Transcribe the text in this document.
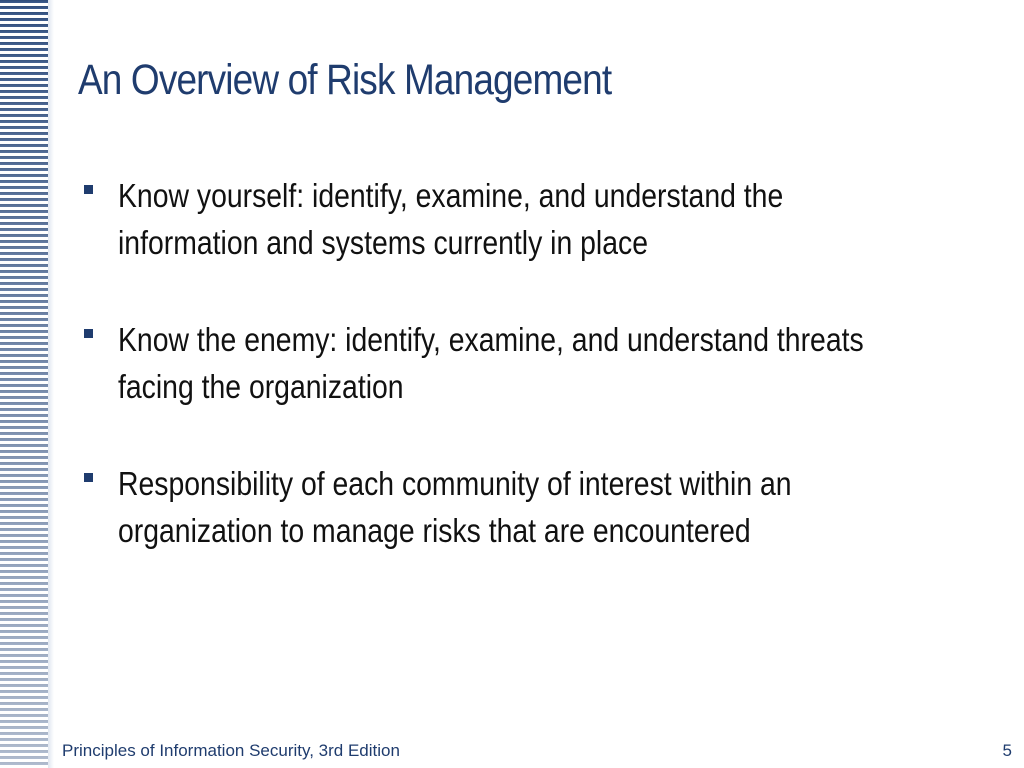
An Overview of Risk Management
Know yourself: identify, examine, and understand the information and systems currently in place
Know the enemy: identify, examine, and understand threats facing the organization
Responsibility of each community of interest within an organization to manage risks that are encountered
Principles of Information Security, 3rd Edition	5
